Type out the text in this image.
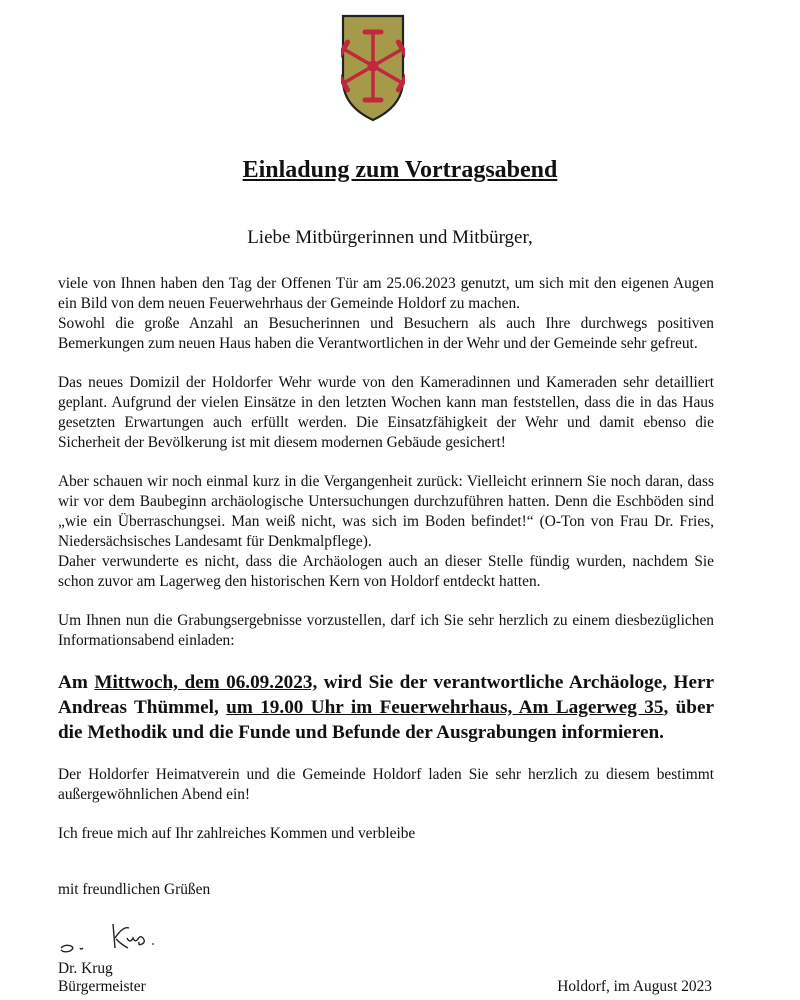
Einladung zum Vortragsabend

Liebe Mitbürgerinnen und Mitbürger,

viele von Ihnen haben den Tag der Offenen Tür am 25.06.2023 genutzt, um sich mit den eigenen Augen ein Bild von dem neuen Feuerwehrhaus der Gemeinde Holdorf zu machen.
Sowohl die große Anzahl an Besucherinnen und Besuchern als auch Ihre durchwegs positiven Bemerkungen zum neuen Haus haben die Verantwortlichen in der Wehr und der Gemeinde sehr gefreut.

Das neues Domizil der Holdorfer Wehr wurde von den Kameradinnen und Kameraden sehr detailliert geplant. Aufgrund der vielen Einsätze in den letzten Wochen kann man feststellen, dass die in das Haus gesetzten Erwartungen auch erfüllt werden. Die Einsatzfähigkeit der Wehr und damit ebenso die Sicherheit der Bevölkerung ist mit diesem modernen Gebäude gesichert!

Aber schauen wir noch einmal kurz in die Vergangenheit zurück: Vielleicht erinnern Sie noch daran, dass wir vor dem Baubeginn archäologische Untersuchungen durchzuführen hatten. Denn die Eschböden sind „wie ein Überraschungsei. Man weiß nicht, was sich im Boden befindet!“ (O-Ton von Frau Dr. Fries, Niedersächsisches Landesamt für Denkmalpflege).
Daher verwunderte es nicht, dass die Archäologen auch an dieser Stelle fündig wurden, nachdem Sie schon zuvor am Lagerweg den historischen Kern von Holdorf entdeckt hatten.

Um Ihnen nun die Grabungsergebnisse vorzustellen, darf ich Sie sehr herzlich zu einem diesbezüglichen Informationsabend einladen:

Am Mittwoch, dem 06.09.2023, wird Sie der verantwortliche Archäologe, Herr Andreas Thümmel, um 19.00 Uhr im Feuerwehrhaus, Am Lagerweg 35, über die Methodik und die Funde und Befunde der Ausgrabungen informieren.

Der Holdorfer Heimatverein und die Gemeinde Holdorf laden Sie sehr herzlich zu diesem bestimmt außergewöhnlichen Abend ein!

Ich freue mich auf Ihr zahlreiches Kommen und verbleibe

mit freundlichen Grüßen

Dr. Krug
Bürgermeister	Holdorf, im August 2023
